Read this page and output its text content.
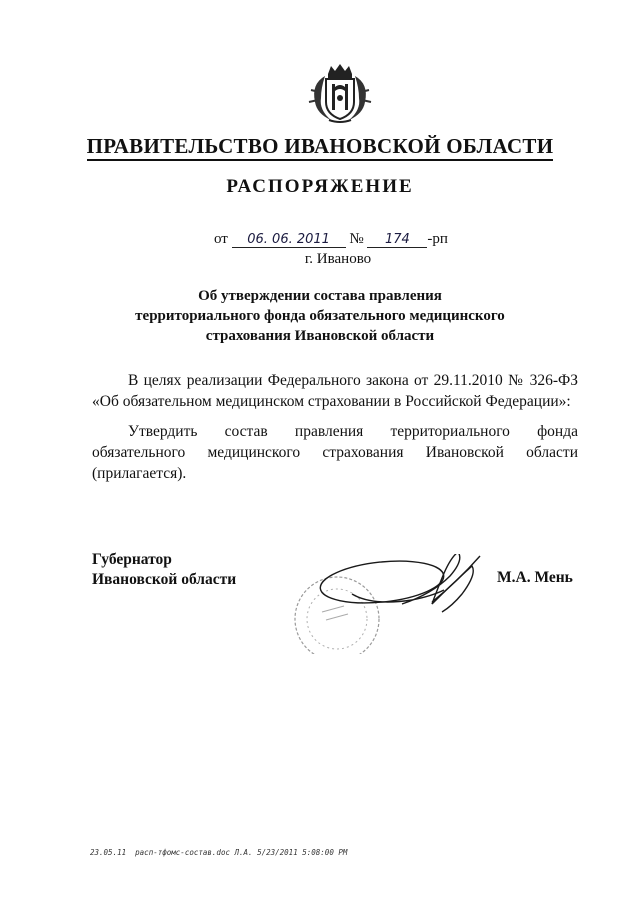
ПРАВИТЕЛЬСТВО ИВАНОВСКОЙ ОБЛАСТИ
РАСПОРЯЖЕНИЕ
от 06. 06. 2011 № 174 -рп
г. Иваново
Об утверждении состава правления
территориального фонда обязательного медицинского
страхования Ивановской области
В целях реализации Федерального закона от 29.11.2010 № 326-ФЗ «Об обязательном медицинском страховании в Российской Федерации»:
Утвердить состав правления территориального фонда обязательного медицинского страхования Ивановской области (прилагается).
Губернатор
Ивановской области	М.А. Мень
23.05.11  расп-тфомс-состав.doc Л.А. 5/23/2011 5:08:00 PM
